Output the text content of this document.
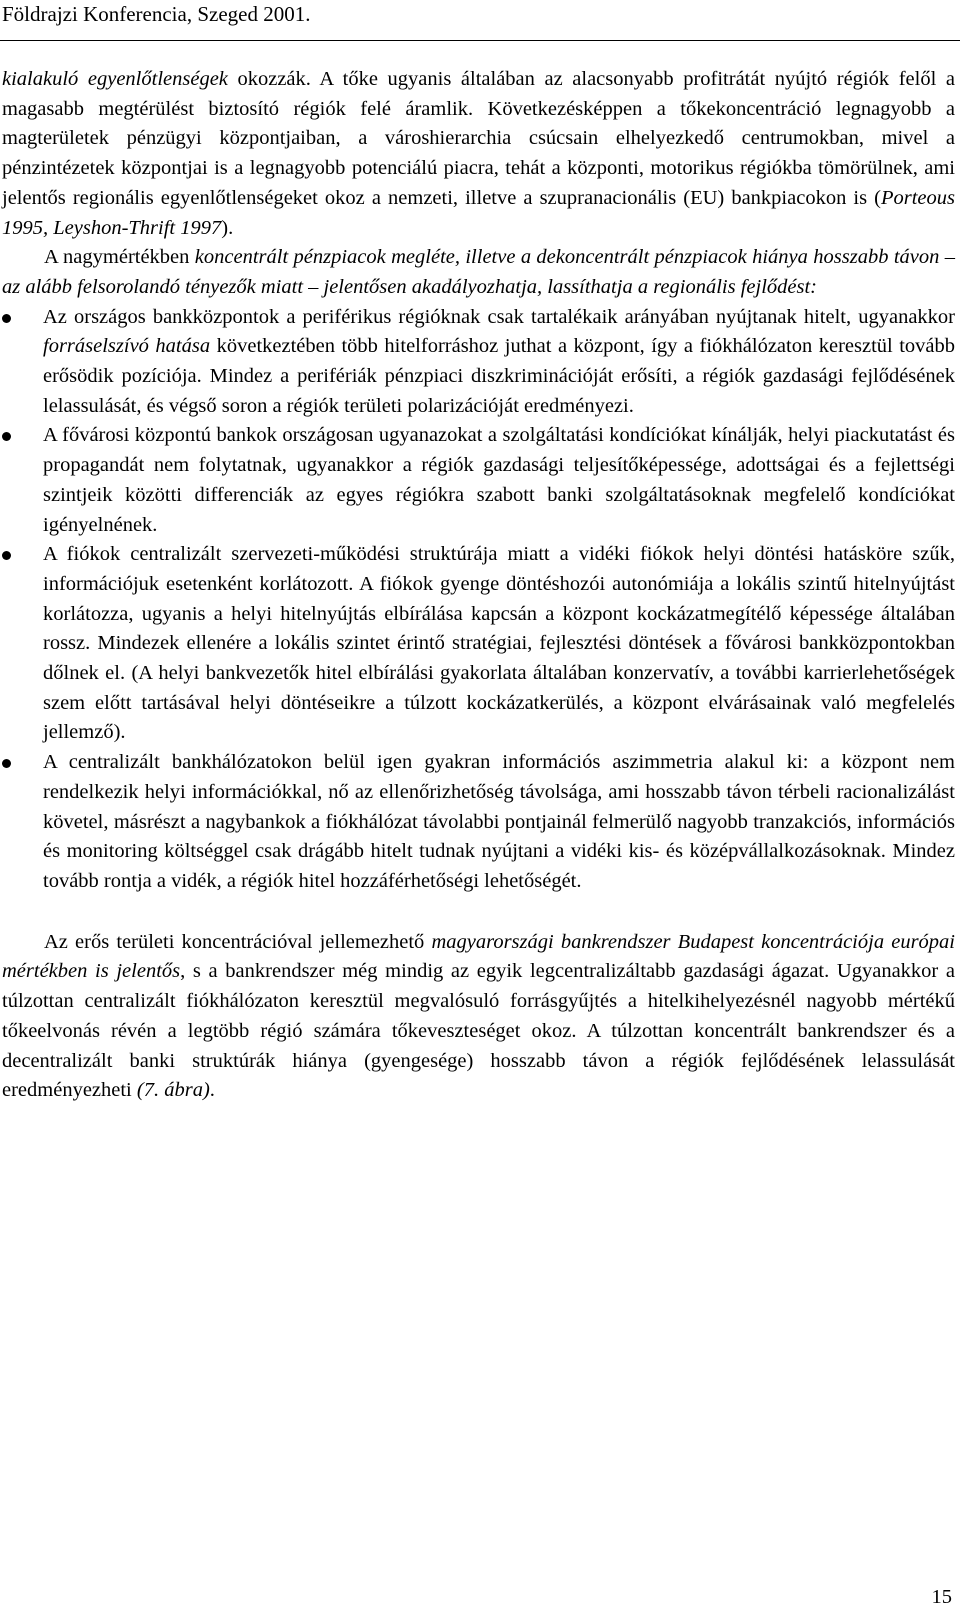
Földrajzi Konferencia, Szeged 2001.

kialakuló egyenlőtlenségek okozzák. A tőke ugyanis általában az alacsonyabb profitrátát nyújtó régiók felől a magasabb megtérülést biztosító régiók felé áramlik. Következésképpen a tőkekoncentráció legnagyobb a magterületek pénzügyi központjaiban, a városhierarchia csúcsain elhelyezkedő centrumokban, mivel a pénzintézetek központjai is a legnagyobb potenciálú piacra, tehát a központi, motorikus régiókba tömörülnek, ami jelentős regionális egyenlőtlenségeket okoz a nemzeti, illetve a szupranacionális (EU) bankpiacokon is (Porteous 1995, Leyshon-Thrift 1997).

A nagymértékben koncentrált pénzpiacok megléte, illetve a dekoncentrált pénzpiacok hiánya hosszabb távon – az alább felsorolandó tényezők miatt – jelentősen akadályozhatja, lassíthatja a regionális fejlődést:

Az országos bankközpontok a periférikus régióknak csak tartalékaik arányában nyújtanak hitelt, ugyanakkor forráselszívó hatása következtében több hitelforráshoz juthat a központ, így a fiókhálózaton keresztül tovább erősödik pozíciója. Mindez a perifériák pénzpiaci diszkriminációját erősíti, a régiók gazdasági fejlődésének lelassulását, és végső soron a régiók területi polarizációját eredményezi.
A fővárosi központú bankok országosan ugyanazokat a szolgáltatási kondíciókat kínálják, helyi piackutatást és propagandát nem folytatnak, ugyanakkor a régiók gazdasági teljesítőképessége, adottságai és a fejlettségi szintjeik közötti differenciák az egyes régiókra szabott banki szolgáltatásoknak megfelelő kondíciókat igényelnének.
A fiókok centralizált szervezeti-működési struktúrája miatt a vidéki fiókok helyi döntési hatásköre szűk, információjuk esetenként korlátozott. A fiókok gyenge döntéshozói autonómiája a lokális szintű hitelnyújtást korlátozza, ugyanis a helyi hitelnyújtás elbírálása kapcsán a központ kockázatmegítélő képessége általában rossz. Mindezek ellenére a lokális szintet érintő stratégiai, fejlesztési döntések a fővárosi bankközpontokban dőlnek el. (A helyi bankvezetők hitel elbírálási gyakorlata általában konzervatív, a további karrierlehetőségek szem előtt tartásával helyi döntéseikre a túlzott kockázatkerülés, a központ elvárásainak való megfelelés jellemző).
A centralizált bankhálózatokon belül igen gyakran információs aszimmetria alakul ki: a központ nem rendelkezik helyi információkkal, nő az ellenőrizhetőség távolsága, ami hosszabb távon térbeli racionalizálást követel, másrészt a nagybankok a fiókhálózat távolabbi pontjainál felmerülő nagyobb tranzakciós, információs és monitoring költséggel csak drágább hitelt tudnak nyújtani a vidéki kis- és középvállalkozásoknak. Mindez tovább rontja a vidék, a régiók hitel hozzáférhetőségi lehetőségét.

Az erős területi koncentrációval jellemezhető magyarországi bankrendszer Budapest koncentrációja európai mértékben is jelentős, s a bankrendszer még mindig az egyik legcentralizáltabb gazdasági ágazat. Ugyanakkor a túlzottan centralizált fiókhálózaton keresztül megvalósuló forrásgyűjtés a hitelkihelyezésnél nagyobb mértékű tőkeelvonás révén a legtöbb régió számára tőkeveszteséget okoz. A túlzottan koncentrált bankrendszer és a decentralizált banki struktúrák hiánya (gyengesége) hosszabb távon a régiók fejlődésének lelassulását eredményezheti (7. ábra).

15
